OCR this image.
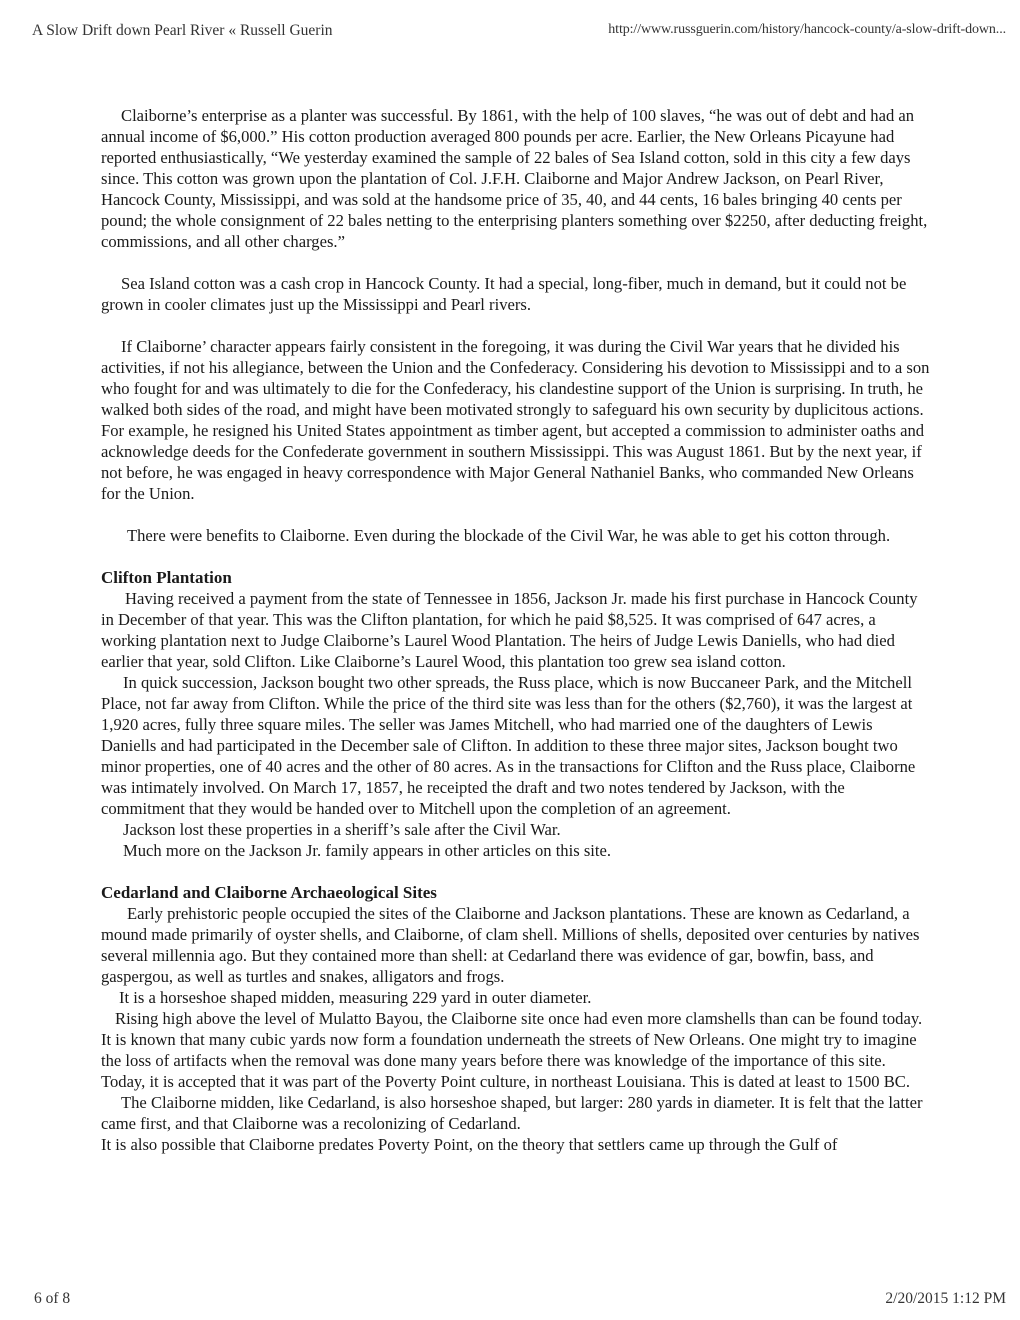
A Slow Drift down Pearl River « Russell Guerin	http://www.russguerin.com/history/hancock-county/a-slow-drift-down...

Claiborne’s enterprise as a planter was successful. By 1861, with the help of 100 slaves, “he was out of debt and had an annual income of $6,000.” His cotton production averaged 800 pounds per acre. Earlier, the New Orleans Picayune had reported enthusiastically, “We yesterday examined the sample of 22 bales of Sea Island cotton, sold in this city a few days since. This cotton was grown upon the plantation of Col. J.F.H. Claiborne and Major Andrew Jackson, on Pearl River, Hancock County, Mississippi, and was sold at the handsome price of 35, 40, and 44 cents, 16 bales bringing 40 cents per pound; the whole consignment of 22 bales netting to the enterprising planters something over $2250, after deducting freight, commissions, and all other charges.”

Sea Island cotton was a cash crop in Hancock County. It had a special, long-fiber, much in demand, but it could not be grown in cooler climates just up the Mississippi and Pearl rivers.

If Claiborne’ character appears fairly consistent in the foregoing, it was during the Civil War years that he divided his activities, if not his allegiance, between the Union and the Confederacy. Considering his devotion to Mississippi and to a son who fought for and was ultimately to die for the Confederacy, his clandestine support of the Union is surprising. In truth, he walked both sides of the road, and might have been motivated strongly to safeguard his own security by duplicitous actions. For example, he resigned his United States appointment as timber agent, but accepted a commission to administer oaths and acknowledge deeds for the Confederate government in southern Mississippi. This was August 1861. But by the next year, if not before, he was engaged in heavy correspondence with Major General Nathaniel Banks, who commanded New Orleans for the Union.

There were benefits to Claiborne. Even during the blockade of the Civil War, he was able to get his cotton through.

Clifton Plantation

Having received a payment from the state of Tennessee in 1856, Jackson Jr. made his first purchase in Hancock County in December of that year. This was the Clifton plantation, for which he paid $8,525. It was comprised of 647 acres, a working plantation next to Judge Claiborne’s Laurel Wood Plantation. The heirs of Judge Lewis Daniells, who had died earlier that year, sold Clifton. Like Claiborne’s Laurel Wood, this plantation too grew sea island cotton.

In quick succession, Jackson bought two other spreads, the Russ place, which is now Buccaneer Park, and the Mitchell Place, not far away from Clifton. While the price of the third site was less than for the others ($2,760), it was the largest at 1,920 acres, fully three square miles. The seller was James Mitchell, who had married one of the daughters of Lewis Daniells and had participated in the December sale of Clifton. In addition to these three major sites, Jackson bought two minor properties, one of 40 acres and the other of 80 acres. As in the transactions for Clifton and the Russ place, Claiborne was intimately involved. On March 17, 1857, he receipted the draft and two notes tendered by Jackson, with the commitment that they would be handed over to Mitchell upon the completion of an agreement.

Jackson lost these properties in a sheriff’s sale after the Civil War.

Much more on the Jackson Jr. family appears in other articles on this site.

Cedarland and Claiborne Archaeological Sites

Early prehistoric people occupied the sites of the Claiborne and Jackson plantations. These are known as Cedarland, a mound made primarily of oyster shells, and Claiborne, of clam shell. Millions of shells, deposited over centuries by natives several millennia ago. But they contained more than shell: at Cedarland there was evidence of gar, bowfin, bass, and gaspergou, as well as turtles and snakes, alligators and frogs.

It is a horseshoe shaped midden, measuring 229 yard in outer diameter.

Rising high above the level of Mulatto Bayou, the Claiborne site once had even more clamshells than can be found today. It is known that many cubic yards now form a foundation underneath the streets of New Orleans. One might try to imagine the loss of artifacts when the removal was done many years before there was knowledge of the importance of this site. Today, it is accepted that it was part of the Poverty Point culture, in northeast Louisiana. This is dated at least to 1500 BC.

The Claiborne midden, like Cedarland, is also horseshoe shaped, but larger: 280 yards in diameter. It is felt that the latter came first, and that Claiborne was a recolonizing of Cedarland.

It is also possible that Claiborne predates Poverty Point, on the theory that settlers came up through the Gulf of

6 of 8	2/20/2015 1:12 PM
